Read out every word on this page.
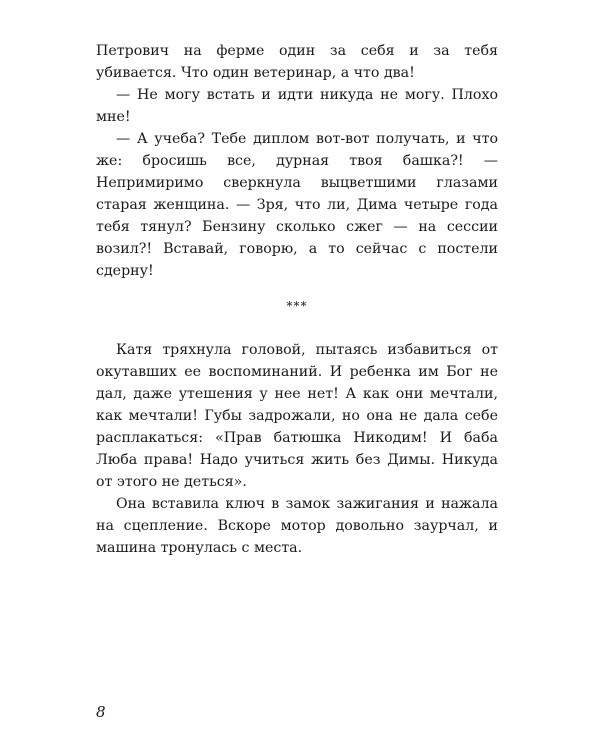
Петрович на ферме один за себя и за тебя убивается. Что один ветеринар, а что два!

— Не могу встать и идти никуда не могу. Плохо мне!

— А учеба? Тебе диплом вот-вот получать, и что же: бросишь все, дурная твоя башка?! — Непримиримо сверкнула выцветшими глазами старая женщина. — Зря, что ли, Дима четыре года тебя тянул? Бензину сколько сжег — на сессии возил?! Вставай, говорю, а то сейчас с постели сдерну!

***

Катя тряхнула головой, пытаясь избавиться от окутавших ее воспоминаний. И ребенка им Бог не дал, даже утешения у нее нет! А как они мечтали, как мечтали! Губы задрожали, но она не дала себе расплакаться: «Прав батюшка Никодим! И баба Люба права! Надо учиться жить без Димы. Никуда от этого не деться».

Она вставила ключ в замок зажигания и нажала на сцепление. Вскоре мотор довольно заурчал, и машина тронулась с места.

8
